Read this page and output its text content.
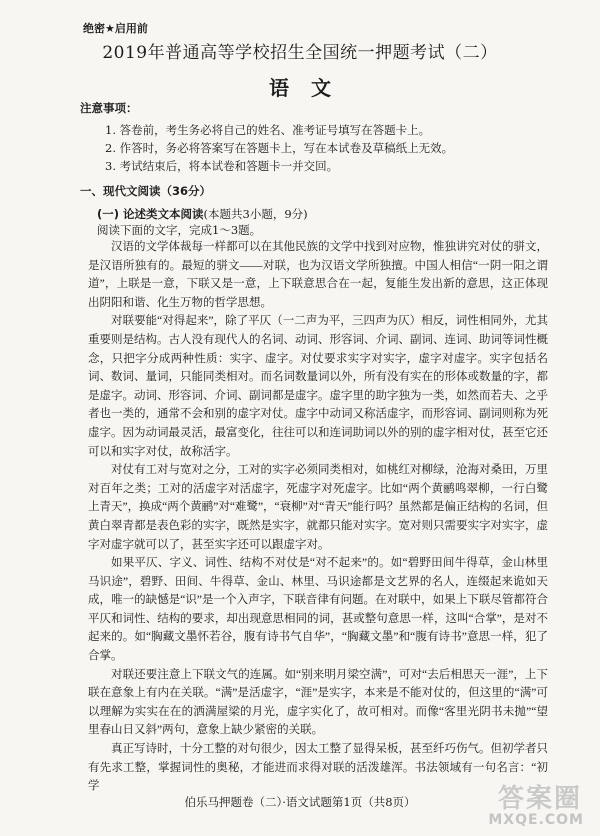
绝密★启用前
2019年普通高等学校招生全国统一押题考试（二）
语文
注意事项：
1. 答卷前，考生务必将自己的姓名、准考证号填写在答题卡上。
2. 作答时，务必将答案写在答题卡上，写在本试卷及草稿纸上无效。
3. 考试结束后，将本试卷和答题卡一并交回。
一、现代文阅读（36分）
(一) 论述类文本阅读(本题共3小题，9分)
阅读下面的文字，完成1～3题。

汉语的文学体裁每一样都可以在其他民族的文学中找到对应物，惟独讲究对仗的骈文，是汉语所独有的。最短的骈文——对联，也为汉语文学所独擅。中国人相信“一阴一阳之谓道”，上联是一意，下联又是一意，上下联意思合在一起，复能生发出新的意思，这正体现出阴阳和谐、化生万物的哲学思想。

对联要能“对得起来”，除了平仄（一二声为平，三四声为仄）相反，词性相同外，尤其重要则是结构。古人没有现代人的名词、动词、形容词、介词、副词、连词、助词等词性概念，只把字分成两种性质：实字、虚字。对仗要求实字对实字，虚字对虚字。实字包括名词、数词、量词，只能同类相对。而名词数量词以外，所有没有实在的形体或数量的字，都是虚字。动词、形容词、介词、副词都是虚字。虚字里的助字独为一类，如然而若夫、之乎者也一类的，通常不会和别的虚字对仗。虚字中动词又称活虚字，而形容词、副词则称为死虚字。因为动词最灵活，最富变化，往往可以和连词助词以外的别的虚字相对仗，甚至它还可以和实字对仗，故称活字。

对仗有工对与宽对之分，工对的实字必须同类相对，如桃红对柳绿，沧海对桑田，万里对百年之类；工对的活虚字对活虚字，死虚字对死虚字。比如“两个黄鹂鸣翠柳，一行白鹭上青天”，换成“两个黄鹂”对“难鹭”，“衰柳”对“青天”能行吗？虽然都是偏正结构的名词，但黄白翠青都是表色彩的实字，既然是实字，就都只能对实字。宽对则只需要实字对实字，虚字对虚字就可以了，甚至实字还可以跟虚字对。

如果平仄、字义、词性、结构不对仗是“对不起来”的。如“碧野田间牛得草，金山林里马识途”，碧野、田间、牛得草、金山、林里、马识途都是文艺界的名人，连缀起来诡如天成，唯一的缺憾是“识”是一个入声字，下联音律有问题。在对联中，如果上下联尽管都符合平仄和词性、结构的要求，却出现意思相同的词，甚或整句意思一样，这叫“合掌”，是对不起来的。如“胸藏文墨怀若谷，腹有诗书气自华”，“胸藏文墨”和“腹有诗书”意思一样，犯了合掌。

对联还要注意上下联文气的连属。如“别来明月梁空满”，可对“去后相思天一涯”，上下联在意象上有内在关联。“满”是活虚字，“涯”是实字，本来是不能对仗的，但这里的“满”可以理解为实实在在的洒满屋梁的月光，虚字实化了，故可相对。而像“客里光阴书未抛”“望里春山日又斜”两句，意象上缺少紧密的关联。

真正写诗时，十分工整的对句很少，因太工整了显得呆板，甚至纤巧伤气。但初学者只有先求工整，掌握词性的奥秘，才能进而求得对联的活泼雄浑。书法领域有一句名言：“初学

伯乐马押题卷（二）·语文试题第1页（共8页）	答案圈
MXQE.COM
